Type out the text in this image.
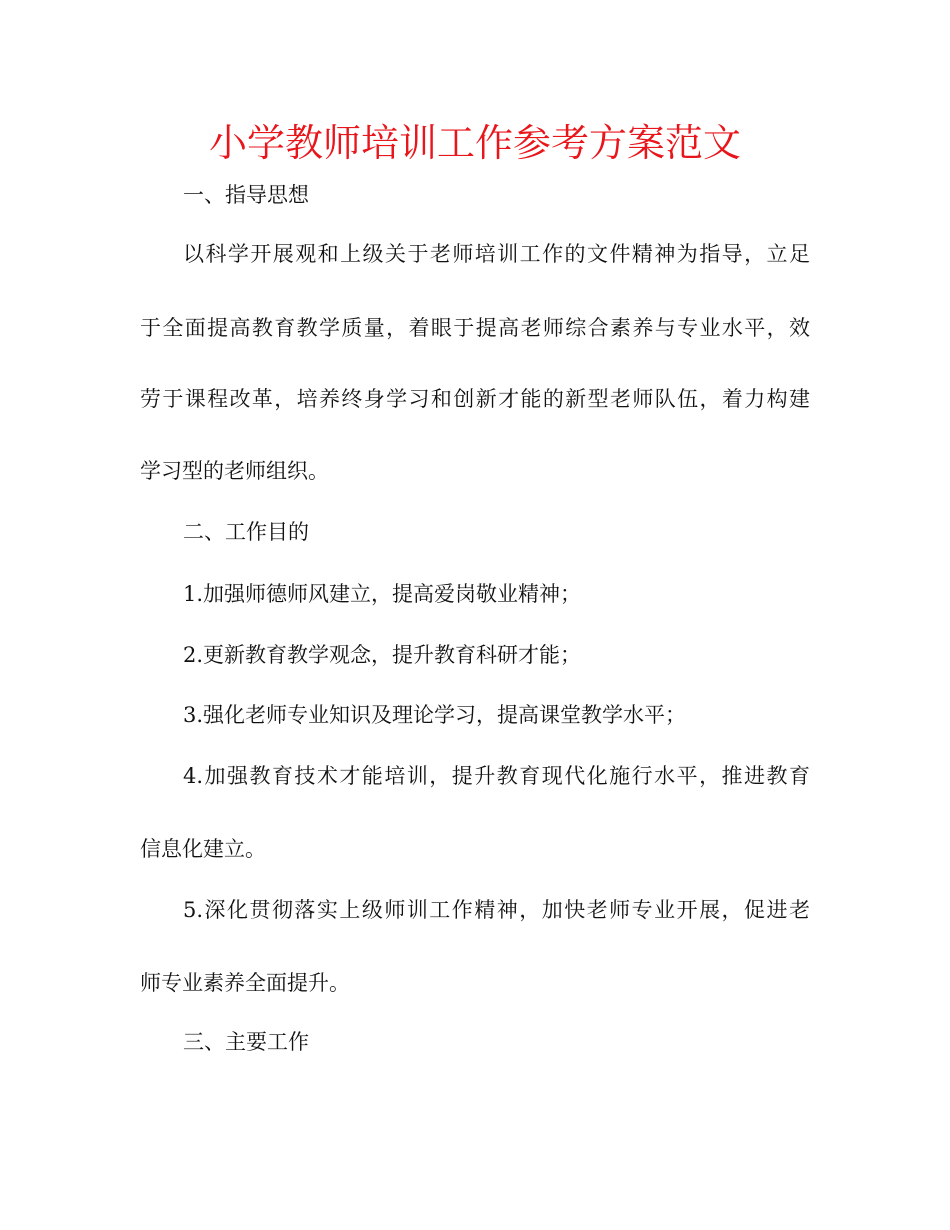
小学教师培训工作参考方案范文
一、指导思想
以科学开展观和上级关于老师培训工作的文件精神为指导，立足
于全面提高教育教学质量，着眼于提高老师综合素养与专业水平，效
劳于课程改革，培养终身学习和创新才能的新型老师队伍，着力构建
学习型的老师组织。
二、工作目的
1.加强师德师风建立，提高爱岗敬业精神；
2.更新教育教学观念，提升教育科研才能；
3.强化老师专业知识及理论学习，提高课堂教学水平；
4.加强教育技术才能培训，提升教育现代化施行水平，推进教育
信息化建立。
5.深化贯彻落实上级师训工作精神，加快老师专业开展，促进老
师专业素养全面提升。
三、主要工作
